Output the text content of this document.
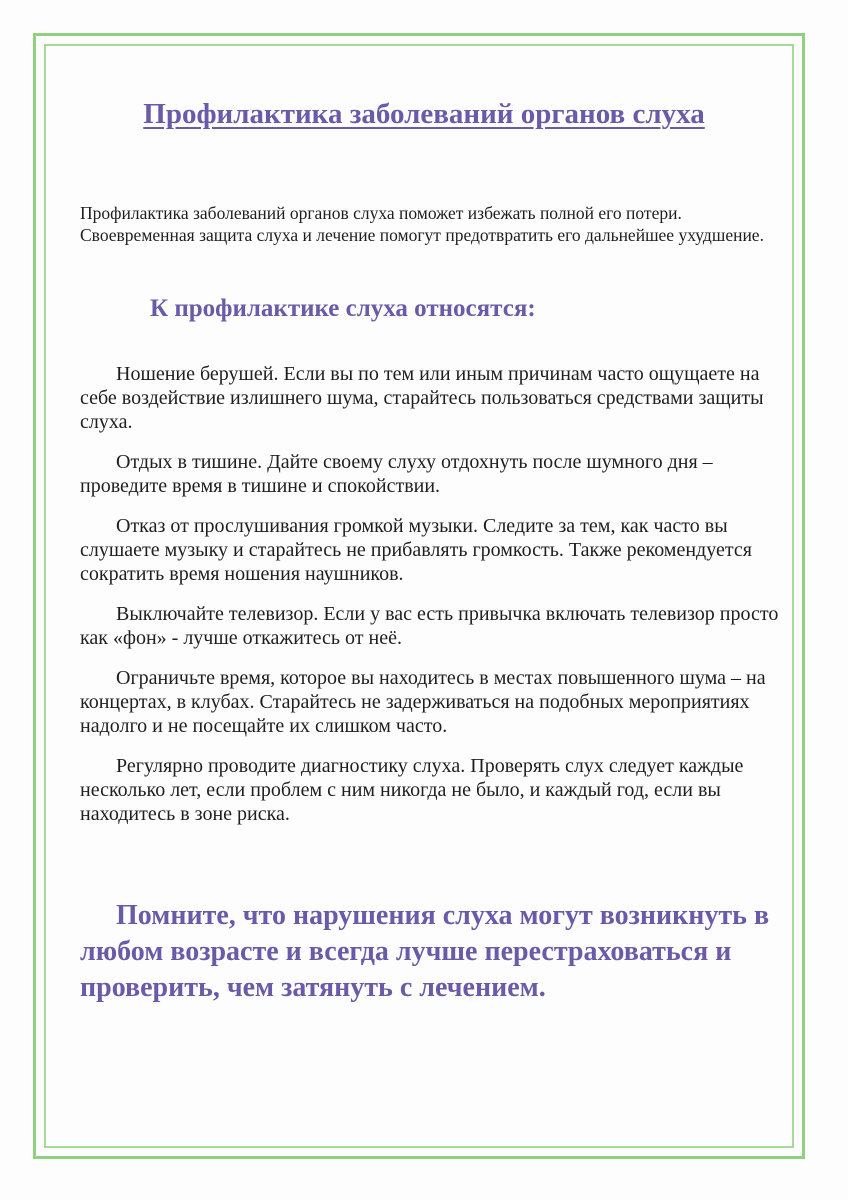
Профилактика заболеваний органов слуха

Профилактика заболеваний органов слуха поможет избежать полной его потери. Своевременная защита слуха и лечение помогут предотвратить его дальнейшее ухудшение.

К профилактике слуха относятся:
Ношение берушей. Если вы по тем или иным причинам часто ощущаете на себе воздействие излишнего шума, старайтесь пользоваться средствами защиты слуха.
Отдых в тишине. Дайте своему слуху отдохнуть после шумного дня – проведите время в тишине и спокойствии.
Отказ от прослушивания громкой музыки. Следите за тем, как часто вы слушаете музыку и старайтесь не прибавлять громкость. Также рекомендуется сократить время ношения наушников.
Выключайте телевизор. Если у вас есть привычка включать телевизор просто как «фон» - лучше откажитесь от неё.
Ограничьте время, которое вы находитесь в местах повышенного шума – на концертах, в клубах. Старайтесь не задерживаться на подобных мероприятиях надолго и не посещайте их слишком часто.
Регулярно проводите диагностику слуха. Проверять слух следует каждые несколько лет, если проблем с ним никогда не было, и каждый год, если вы находитесь в зоне риска.

Помните, что нарушения слуха могут возникнуть в любом возрасте и всегда лучше перестраховаться и проверить, чем затянуть с лечением.
